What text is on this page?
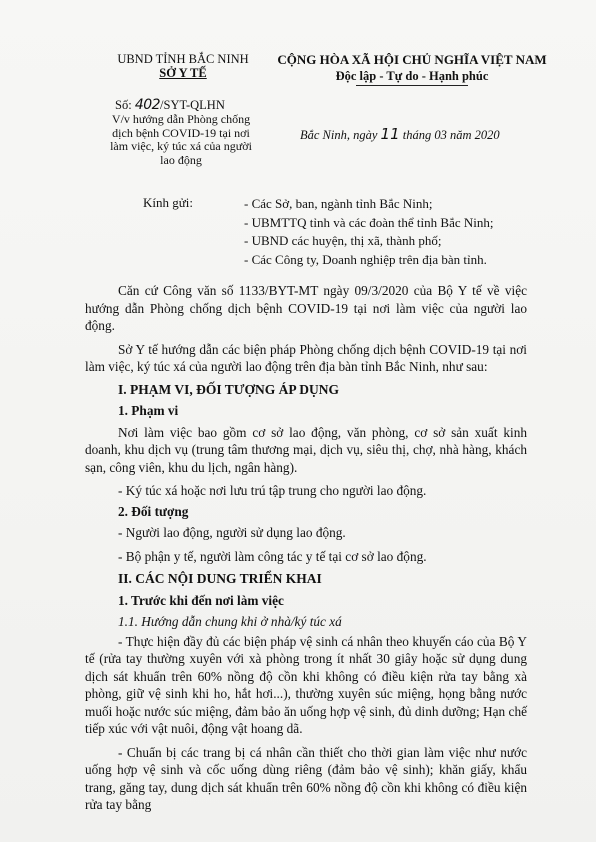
UBND TỈNH BẮC NINH
SỞ Y TẾ
CỘNG HÒA XÃ HỘI CHỦ NGHĨA VIỆT NAM
Độc lập - Tự do - Hạnh phúc
Số: 402/SYT-QLHN
V/v hướng dẫn Phòng chống dịch bệnh COVID-19 tại nơi làm việc, ký túc xá của người lao động
Bắc Ninh, ngày 11 tháng 03 năm 2020
Kính gửi:	- Các Sở, ban, ngành tỉnh Bắc Ninh;
- UBMTTQ tỉnh và các đoàn thể tỉnh Bắc Ninh;
- UBND các huyện, thị xã, thành phố;
- Các Công ty, Doanh nghiệp trên địa bàn tỉnh.

Căn cứ Công văn số 1133/BYT-MT ngày 09/3/2020 của Bộ Y tế về việc hướng dẫn Phòng chống dịch bệnh COVID-19 tại nơi làm việc của người lao động.

Sở Y tế hướng dẫn các biện pháp Phòng chống dịch bệnh COVID-19 tại nơi làm việc, ký túc xá của người lao động trên địa bàn tỉnh Bắc Ninh, như sau:

I. PHẠM VI, ĐỐI TƯỢNG ÁP DỤNG
1. Phạm vi

Nơi làm việc bao gồm cơ sở lao động, văn phòng, cơ sở sản xuất kinh doanh, khu dịch vụ (trung tâm thương mại, dịch vụ, siêu thị, chợ, nhà hàng, khách sạn, công viên, khu du lịch, ngân hàng).

- Ký túc xá hoặc nơi lưu trú tập trung cho người lao động.

2. Đối tượng

- Người lao động, người sử dụng lao động.

- Bộ phận y tế, người làm công tác y tế tại cơ sở lao động.

II. CÁC NỘI DUNG TRIỂN KHAI
1. Trước khi đến nơi làm việc
1.1. Hướng dẫn chung khi ở nhà/ký túc xá

- Thực hiện đầy đủ các biện pháp vệ sinh cá nhân theo khuyến cáo của Bộ Y tế (rửa tay thường xuyên với xà phòng trong ít nhất 30 giây hoặc sử dụng dung dịch sát khuẩn trên 60% nồng độ cồn khi không có điều kiện rửa tay bằng xà phòng, giữ vệ sinh khi ho, hắt hơi...), thường xuyên súc miệng, họng bằng nước muối hoặc nước súc miệng, đảm bảo ăn uống hợp vệ sinh, đủ dinh dưỡng; Hạn chế tiếp xúc với vật nuôi, động vật hoang dã.

- Chuẩn bị các trang bị cá nhân cần thiết cho thời gian làm việc như nước uống hợp vệ sinh và cốc uống dùng riêng (đảm bảo vệ sinh); khăn giấy, khẩu trang, găng tay, dung dịch sát khuẩn trên 60% nồng độ cồn khi không có điều kiện rửa tay bằng
